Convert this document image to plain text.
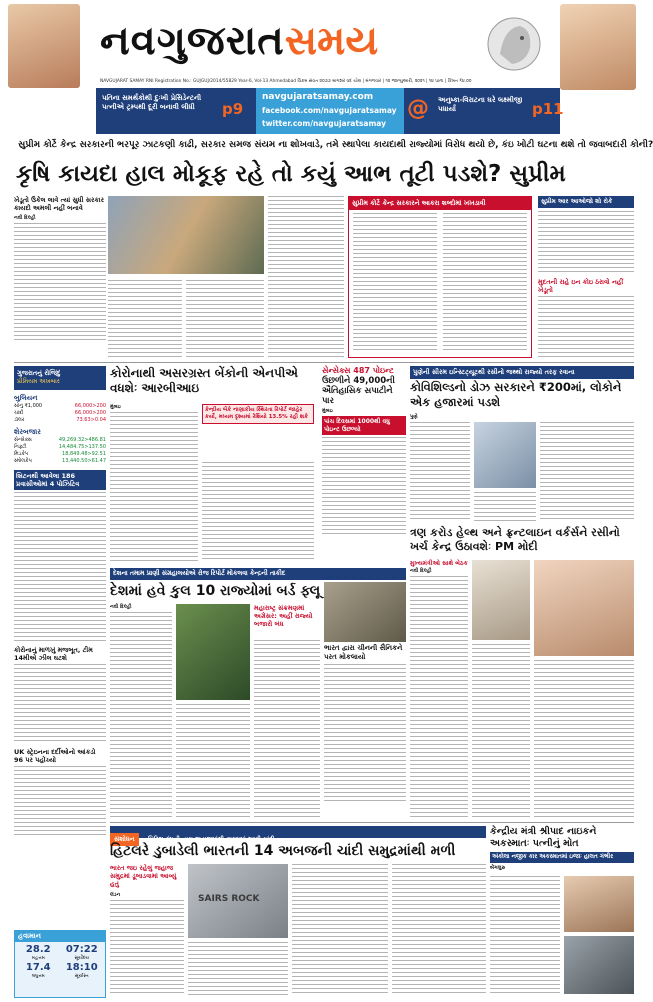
નવગુજરાતસમય
NAVGUJARAT SAMAY RNI Registration No.: GUJGUJ/2014/55829 Year-6, Vol-13 Ahmedabad વિક્રમ સંવત ૨૦૭૭ માગશર વદ ચોથ | મંગળવાર | ૧૨ જાન્યુઆરી, ૨૦૨૧ | ૧૪ પાના | કિંમત ₹૪.૦૦
પતિના સમર્થકોથી દુઃખી પ્રેસિડેન્ટની પત્નીએ ટ્રમ્પથી દૂરી બનાવી લીધી	p9
navgujaratsamay.com
facebook.com/navgujaratsamay
twitter.com/navgujaratsamay
@ અનુષ્કા-વિરાટના ઘરે લક્ષ્મીજી પધાર્યા	p11
સુપ્રીમ કોર્ટે કેન્દ્ર સરકારની ભરપૂર ઝાટકણી કાઢી, સરકાર સમજ સંયમ ના શોખવાડે, તમે સ્થાપેલા કાયદાથી રાજ્યોમાં વિરોધ થયો છે, કંઇ ખોટી ઘટના થશે તો જવાબદારી કોની?
કૃષિ કાયદા હાલ મોકૂફ રહે તો કયું આભ તૂટી પડશે? સુપ્રીમ
ખેડૂતો ઉકેલ લાવે ત્યાં સુધી સરકાર કાયદો અમલી નહીં બનાવે
નવી દિલ્હી
સુપ્રીમ કોર્ટે કેન્દ્ર સરકારને આકરા શબ્દોમાં ખખડાવી	સુપ્રીમ આર આઓજો શો રોકે
મુદતની રાહે ઇન કોઇ ઠરાવો નહીં ખેડૂતો
ગુજરાતનું રોજિંદું
પ્રીમિયમ અખબાર
બુલિયન
સોનું ₹1,000	66,000>200
ચાંદી	66,000>200
ડૉલર	73.63>0.04
શેરબજાર
સેન્સેક્સ	49,269.32>486.81
નિફ્ટી	14,484.75>137.50
મિડકેપ	18,849.48>92.51
સ્મોલકેપ	13,440.50>61.47
બ્રિટનથી આવેલા 186 પ્રવાસીઓમાં 4 પોઝિટિવ
કોરોનાનું માળખું મજબૂત, ટીમ 14મીએ ઝીલ ઘટશે
UK સ્ટ્રેઇનના દર્દીઓનો આંકડો 96 પર પહોંચ્યો
હવામાન
28.2
મહત્તમ
07:22
સૂર્યોદય
17.4
લઘુત્તમ
18:10
સૂર્યાસ્ત
કોરોનાથી અસરગ્રસ્ત બેંકોની એનપીએ વધશેઃ આરબીઆઇ
કેન્દ્રીય બેંકે નાણાકીય સ્થિરતા રિપોર્ટ જાહેર કર્યો, મધ્યમ દૃશ્યમાં રેશિયો 13.5% રહી શકે
મુંબઇ
સેન્સેક્સ 487 પોઇન્ટ
ઉછળીને 49,000ની ઐતિહાસિક સપાટીને પાર
મુંબઇ
પાંચ દિવસમાં 1000થી વધુ પોઇન્ટ ઉછળ્યો
પુણેની સીરમ ઇન્સ્ટિટ્યૂટથી રસીનો જથ્થો રાજ્યો તરફ રવાના
કોવિશિલ્ડનો ડોઝ સરકારને ₹200માં, લોકોને એક હજારમાં પડશે
પુણે
ત્રણ કરોડ હેલ્થ અને ફ્રન્ટલાઇન વર્કર્સને રસીનો ખર્ચ કેન્દ્ર ઉઠાવશેઃ PM મોદી
મુખ્યમંત્રીઓ સાથે બેઠક
નવી દિલ્હી
દેશના તમામ પ્રાણી સંગ્રહાલયોએ રોજ રિપોર્ટ મોકલવા કેન્દ્રની તાકીદ
દેશમાં હવે કુલ 10 રાજ્યોમાં બર્ડ ફ્લૂ
નવી દિલ્હી	મહારાષ્ટ્ર સંક્રમણમાં અગ્રેસર: અહીં રાજ્યો બજારો બંધ
ભારત દ્વારા ચીનની સૈનિકને પરત મોકલાયો
સંશોધન બ્રિટિશ કંપની દ્વારા જહાજમાંથી કાઢવામાં આવી ચાંદી
હિટલરે ડુબાડેલી ભારતની 14 અબજની ચાંદી સમુદ્રમાંથી મળી
ભારત જઇ રહેલું જહાજ સમુદ્રમાં ડૂબાડવામાં આવ્યું હતું
લંડન	SAIRS ROCK
કેન્દ્રીય મંત્રી શ્રીપાદ નાઇકને અકસ્માતઃ પત્નીનું મોત
અંકોલા નજીક કાર અકસ્માતમાં ઇજાઃ હાલત ગંભીર
બેંગલુરુ
